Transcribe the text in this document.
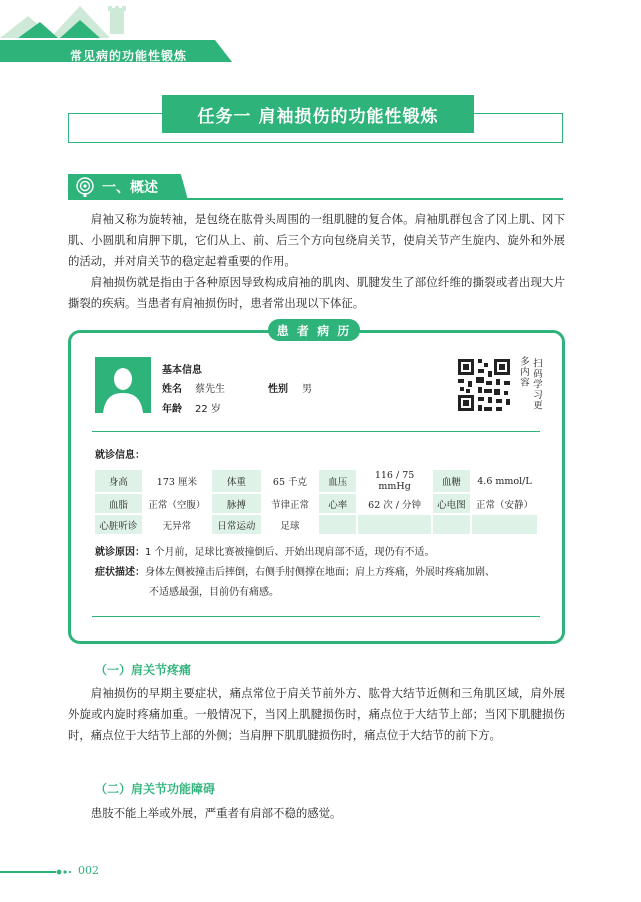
常见病的功能性锻炼
任务一 肩袖损伤的功能性锻炼
一、概述
肩袖又称为旋转袖，是包绕在肱骨头周围的一组肌腱的复合体。肩袖肌群包含了冈上肌、冈下肌、小圆肌和肩胛下肌，它们从上、前、后三个方向包绕肩关节，使肩关节产生旋内、旋外和外展的活动，并对肩关节的稳定起着重要的作用。
肩袖损伤就是指由于各种原因导致构成肩袖的肌肉、肌腱发生了部位纤维的撕裂或者出现大片撕裂的疾病。当患者有肩袖损伤时，患者常出现以下体征。
患 者 病 历
基本信息
姓名 蔡先生	性别 男
年龄 22 岁
多内容 扫码学习更
就诊信息：
身高	173 厘米	体重	65 千克	血压	116 / 75 mmHg	血糖	4.6 mmol/L
血脂	正常（空腹）	脉搏	节律正常	心率	62 次 / 分钟	心电图	正常（安静）
心脏听诊	无异常	日常运动	足球				
就诊原因：1 个月前，足球比赛被撞倒后、开始出现肩部不适，现仍有不适。
症状描述：身体左侧被撞击后摔倒，右侧手肘侧撑在地面；肩上方疼痛，外展时疼痛加剧、
不适感最强，目前仍有痛感。
（一）肩关节疼痛
肩袖损伤的早期主要症状，痛点常位于肩关节前外方、肱骨大结节近侧和三角肌区域，肩外展外旋或内旋时疼痛加重。一般情况下，当冈上肌腱损伤时，痛点位于大结节上部；当冈下肌腱损伤时，痛点位于大结节上部的外侧；当肩胛下肌肌腱损伤时，痛点位于大结节的前下方。
（二）肩关节功能障碍
患肢不能上举或外展，严重者有肩部不稳的感觉。
002
